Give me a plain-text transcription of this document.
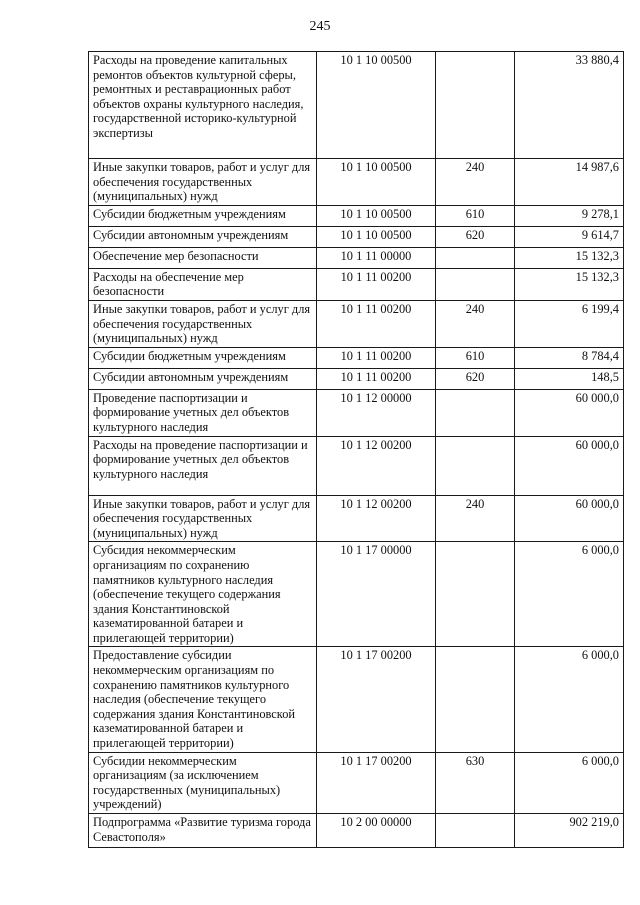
245
Расходы на проведение капитальных ремонтов объектов культурной сферы, ремонтных и реставрационных работ объектов охраны культурного наследия, государственной историко-культурной экспертизы	10 1 10 00500		33 880,4
Иные закупки товаров, работ и услуг для обеспечения государственных (муниципальных) нужд	10 1 10 00500	240	14 987,6
Субсидии бюджетным учреждениям	10 1 10 00500	610	9 278,1
Субсидии автономным учреждениям	10 1 10 00500	620	9 614,7
Обеспечение мер безопасности	10 1 11 00000		15 132,3
Расходы на обеспечение мер безопасности	10 1 11 00200		15 132,3
Иные закупки товаров, работ и услуг для обеспечения государственных (муниципальных) нужд	10 1 11 00200	240	6 199,4
Субсидии бюджетным учреждениям	10 1 11 00200	610	8 784,4
Субсидии автономным учреждениям	10 1 11 00200	620	148,5
Проведение паспортизации и формирование учетных дел объектов культурного наследия	10 1 12 00000		60 000,0
Расходы на проведение паспортизации и формирование учетных дел объектов культурного наследия	10 1 12 00200		60 000,0
Иные закупки товаров, работ и услуг для обеспечения государственных (муниципальных) нужд	10 1 12 00200	240	60 000,0
Субсидия некоммерческим организациям по сохранению памятников культурного наследия (обеспечение текущего содержания здания Константиновской казематированной батареи и прилегающей территории)	10 1 17 00000		6 000,0
Предоставление субсидии некоммерческим организациям по сохранению памятников культурного наследия (обеспечение текущего содержания здания Константиновской казематированной батареи и прилегающей территории)	10 1 17 00200		6 000,0
Субсидии некоммерческим организациям (за исключением государственных (муниципальных) учреждений)	10 1 17 00200	630	6 000,0
Подпрограмма «Развитие туризма города Севастополя»	10 2 00 00000		902 219,0
